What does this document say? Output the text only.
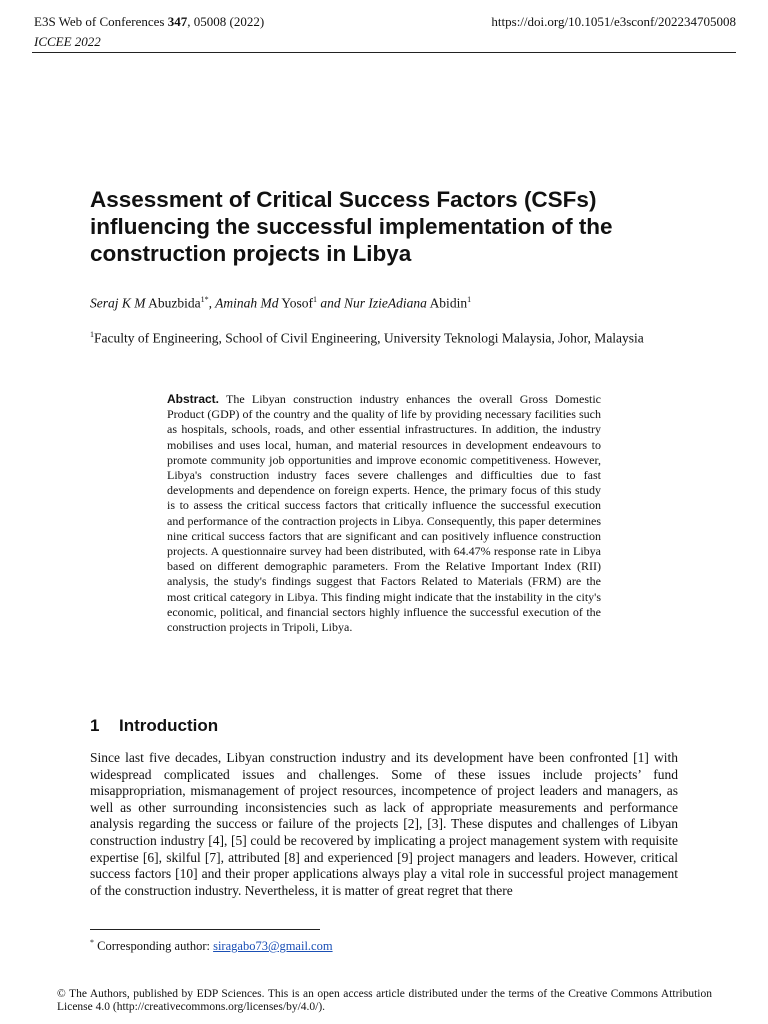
E3S Web of Conferences 347, 05008 (2022)
ICCEE 2022
https://doi.org/10.1051/e3sconf/202234705008
Assessment of Critical Success Factors (CSFs) influencing the successful implementation of the construction projects in Libya
Seraj K M Abuzbida$^{1*}$, Aminah Md Yosof$^1$ and Nur IzieAdiana Abidin$^1$
$^1$Faculty of Engineering, School of Civil Engineering, University Teknologi Malaysia, Johor, Malaysia

Abstract. The Libyan construction industry enhances the overall Gross Domestic Product (GDP) of the country and the quality of life by providing necessary facilities such as hospitals, schools, roads, and other essential infrastructures. In addition, the industry mobilises and uses local, human, and material resources in development endeavours to promote community job opportunities and improve economic competitiveness. However, Libya's construction industry faces severe challenges and difficulties due to fast developments and dependence on foreign experts. Hence, the primary focus of this study is to assess the critical success factors that critically influence the successful execution and performance of the contraction projects in Libya. Consequently, this paper determines nine critical success factors that are significant and can positively influence construction projects. A questionnaire survey had been distributed, with 64.47% response rate in Libya based on different demographic parameters. From the Relative Important Index (RII) analysis, the study's findings suggest that Factors Related to Materials (FRM) are the most critical category in Libya. This finding might indicate that the instability in the city's economic, political, and financial sectors highly influence the successful execution of the construction projects in Tripoli, Libya.

1 Introduction

Since last five decades, Libyan construction industry and its development have been confronted [1] with widespread complicated issues and challenges. Some of these issues include projects’ fund misappropriation, mismanagement of project resources, incompetence of project leaders and managers, as well as other surrounding inconsistencies such as lack of appropriate measurements and performance analysis regarding the success or failure of the projects [2], [3]. These disputes and challenges of Libyan construction industry [4], [5] could be recovered by implicating a project management system with requisite expertise [6], skilful [7], attributed [8] and experienced [9] project managers and leaders. However, critical success factors [10] and their proper applications always play a vital role in successful project management of the construction industry. Nevertheless, it is matter of great regret that there

* Corresponding author: siragabo73@gmail.com

© The Authors, published by EDP Sciences. This is an open access article distributed under the terms of the Creative Commons Attribution License 4.0 (http://creativecommons.org/licenses/by/4.0/).
